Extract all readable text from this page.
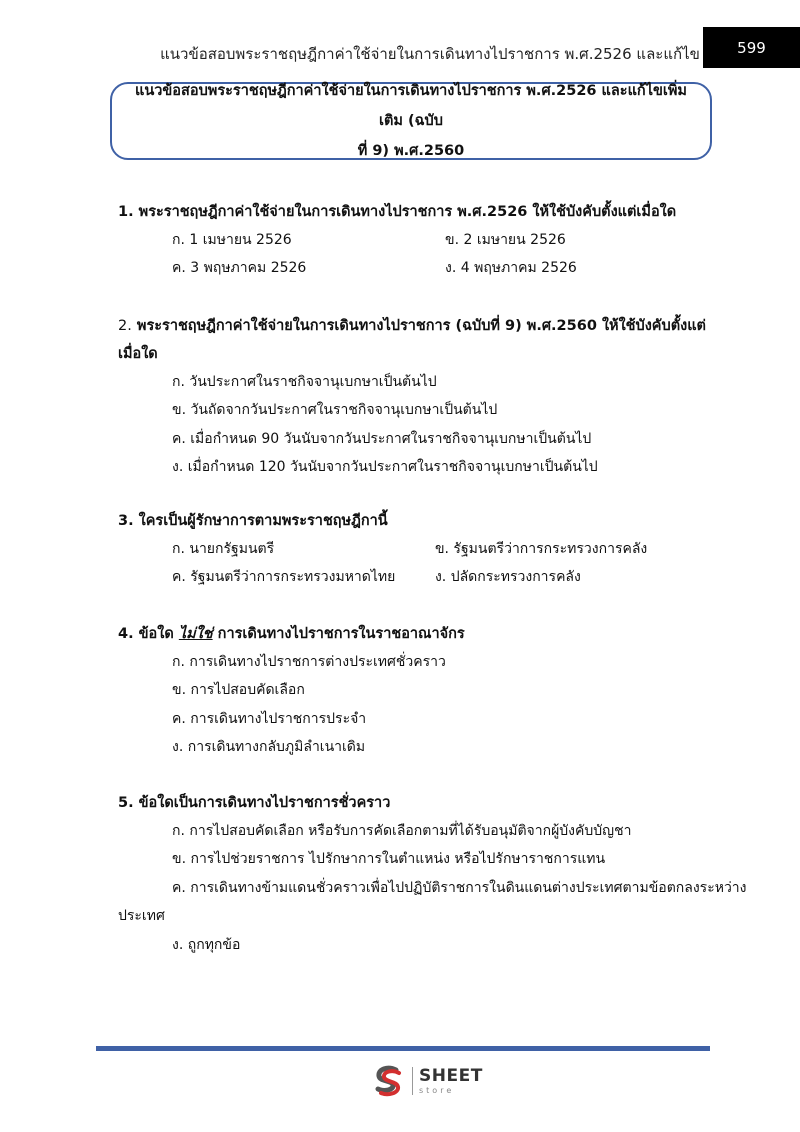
แนวข้อสอบพระราชฤษฎีกาค่าใช้จ่ายในการเดินทางไปราชการ พ.ศ.2526 และแก้ไข	599
แนวข้อสอบพระราชฤษฎีกาค่าใช้จ่ายในการเดินทางไปราชการ พ.ศ.2526 และแก้ไขเพิ่มเติม (ฉบับ
ที่ 9) พ.ศ.2560
1. พระราชฤษฎีกาค่าใช้จ่ายในการเดินทางไปราชการ พ.ศ.2526 ให้ใช้บังคับตั้งแต่เมื่อใด
ก. 1 เมษายน 2526	ข. 2 เมษายน 2526
ค. 3 พฤษภาคม 2526	ง. 4 พฤษภาคม 2526
2. พระราชฤษฎีกาค่าใช้จ่ายในการเดินทางไปราชการ (ฉบับที่ 9) พ.ศ.2560 ให้ใช้บังคับตั้งแต่
เมื่อใด
ก. วันประกาศในราชกิจจานุเบกษาเป็นต้นไป
ข. วันถัดจากวันประกาศในราชกิจจานุเบกษาเป็นต้นไป
ค. เมื่อกำหนด 90 วันนับจากวันประกาศในราชกิจจานุเบกษาเป็นต้นไป
ง. เมื่อกำหนด 120 วันนับจากวันประกาศในราชกิจจานุเบกษาเป็นต้นไป
3. ใครเป็นผู้รักษาการตามพระราชฤษฎีกานี้
ก. นายกรัฐมนตรี	ข. รัฐมนตรีว่าการกระทรวงการคลัง
ค. รัฐมนตรีว่าการกระทรวงมหาดไทย	ง. ปลัดกระทรวงการคลัง
4. ข้อใด ไม่ใช่ การเดินทางไปราชการในราชอาณาจักร
ก. การเดินทางไปราชการต่างประเทศชั่วคราว
ข. การไปสอบคัดเลือก
ค. การเดินทางไปราชการประจำ
ง. การเดินทางกลับภูมิลำเนาเดิม
5. ข้อใดเป็นการเดินทางไปราชการชั่วคราว
ก. การไปสอบคัดเลือก หรือรับการคัดเลือกตามที่ได้รับอนุมัติจากผู้บังคับบัญชา
ข. การไปช่วยราชการ ไปรักษาการในตำแหน่ง หรือไปรักษาราชการแทน
ค. การเดินทางข้ามแดนชั่วคราวเพื่อไปปฏิบัติราชการในดินแดนต่างประเทศตามข้อตกลงระหว่าง
ประเทศ
ง. ถูกทุกข้อ
SHEET
store
